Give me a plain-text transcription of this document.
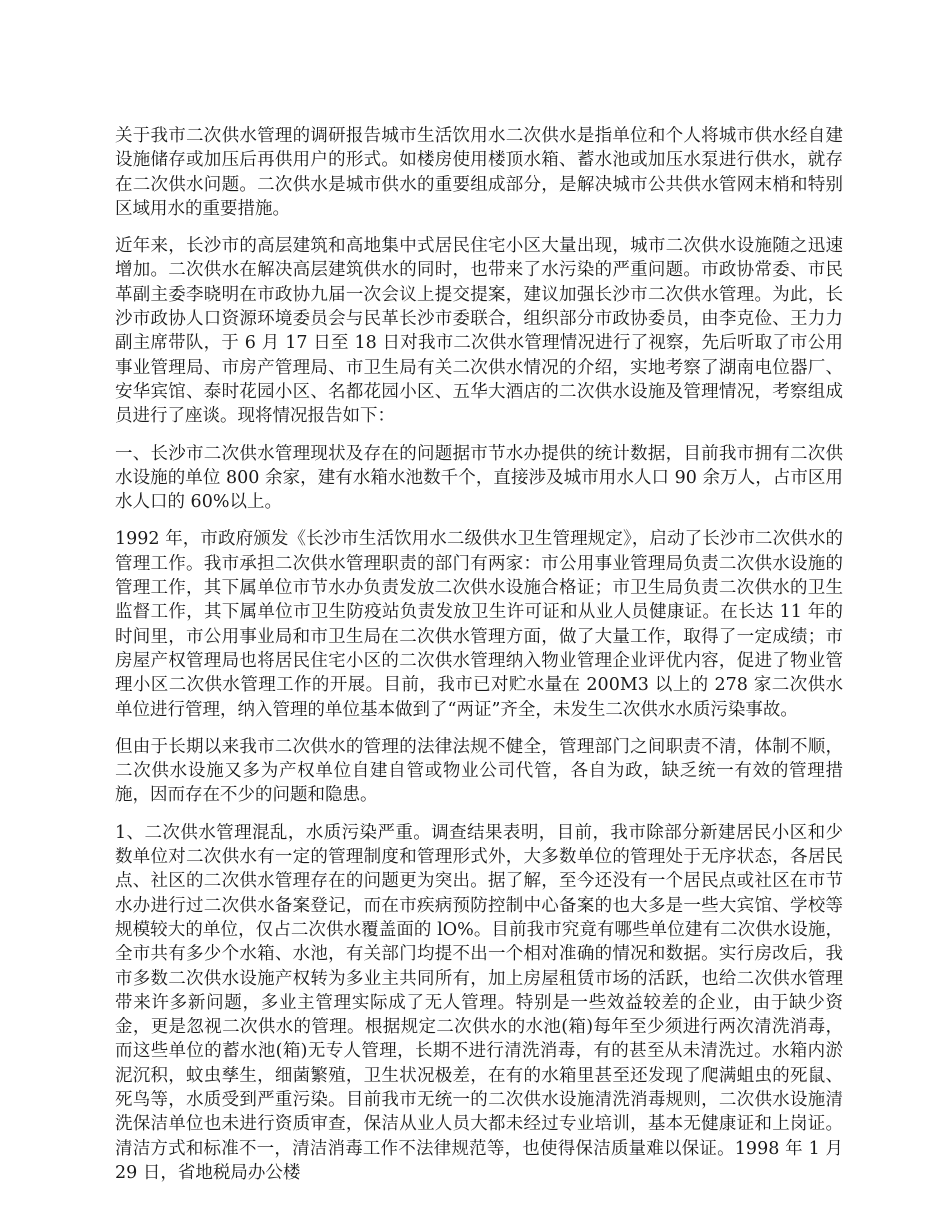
关于我市二次供水管理的调研报告城市生活饮用水二次供水是指单位和个人将城市供水经自建设施储存或加压后再供用户的形式。如楼房使用楼顶水箱、蓄水池或加压水泵进行供水，就存在二次供水问题。二次供水是城市供水的重要组成部分，是解决城市公共供水管网末梢和特别区域用水的重要措施。

近年来，长沙市的高层建筑和高地集中式居民住宅小区大量出现，城市二次供水设施随之迅速增加。二次供水在解决高层建筑供水的同时，也带来了水污染的严重问题。市政协常委、市民革副主委李晓明在市政协九届一次会议上提交提案，建议加强长沙市二次供水管理。为此，长沙市政协人口资源环境委员会与民革长沙市委联合，组织部分市政协委员，由李克俭、王力力副主席带队，于 6 月 17 日至 18 日对我市二次供水管理情况进行了视察，先后听取了市公用事业管理局、市房产管理局、市卫生局有关二次供水情况的介绍，实地考察了湖南电位器厂、安华宾馆、泰时花园小区、名都花园小区、五华大酒店的二次供水设施及管理情况，考察组成员进行了座谈。现将情况报告如下：

一、长沙市二次供水管理现状及存在的问题据市节水办提供的统计数据，目前我市拥有二次供水设施的单位 800 余家，建有水箱水池数千个，直接涉及城市用水人口 90 余万人，占市区用水人口的 60%以上。

1992 年，市政府颁发《长沙市生活饮用水二级供水卫生管理规定》，启动了长沙市二次供水的管理工作。我市承担二次供水管理职责的部门有两家：市公用事业管理局负责二次供水设施的管理工作，其下属单位市节水办负责发放二次供水设施合格证；市卫生局负责二次供水的卫生监督工作，其下属单位市卫生防疫站负责发放卫生许可证和从业人员健康证。在长达 11 年的时间里，市公用事业局和市卫生局在二次供水管理方面，做了大量工作，取得了一定成绩；市房屋产权管理局也将居民住宅小区的二次供水管理纳入物业管理企业评优内容，促进了物业管理小区二次供水管理工作的开展。目前，我市已对贮水量在 200M3 以上的 278 家二次供水单位进行管理，纳入管理的单位基本做到了“两证”齐全，未发生二次供水水质污染事故。

但由于长期以来我市二次供水的管理的法律法规不健全，管理部门之间职责不清，体制不顺，二次供水设施又多为产权单位自建自管或物业公司代管，各自为政，缺乏统一有效的管理措施，因而存在不少的问题和隐患。

1、二次供水管理混乱，水质污染严重。调查结果表明，目前，我市除部分新建居民小区和少数单位对二次供水有一定的管理制度和管理形式外，大多数单位的管理处于无序状态，各居民点、社区的二次供水管理存在的问题更为突出。据了解，至今还没有一个居民点或社区在市节水办进行过二次供水备案登记，而在市疾病预防控制中心备案的也大多是一些大宾馆、学校等规模较大的单位，仅占二次供水覆盖面的 lO%。目前我市究竟有哪些单位建有二次供水设施，全市共有多少个水箱、水池，有关部门均提不出一个相对准确的情况和数据。实行房改后，我市多数二次供水设施产权转为多业主共同所有，加上房屋租赁市场的活跃，也给二次供水管理带来许多新问题，多业主管理实际成了无人管理。特别是一些效益较差的企业，由于缺少资金，更是忽视二次供水的管理。根据规定二次供水的水池(箱)每年至少须进行两次清洗消毒，而这些单位的蓄水池(箱)无专人管理，长期不进行清洗消毒，有的甚至从未清洗过。水箱内淤泥沉积，蚊虫孳生，细菌繁殖，卫生状况极差，在有的水箱里甚至还发现了爬满蛆虫的死鼠、死鸟等，水质受到严重污染。目前我市无统一的二次供水设施清洗消毒规则，二次供水设施清洗保洁单位也未进行资质审查，保洁从业人员大都未经过专业培训，基本无健康证和上岗证。清洁方式和标准不一，清洁消毒工作不法律规范等，也使得保洁质量难以保证。1998 年 1 月 29 日，省地税局办公楼
